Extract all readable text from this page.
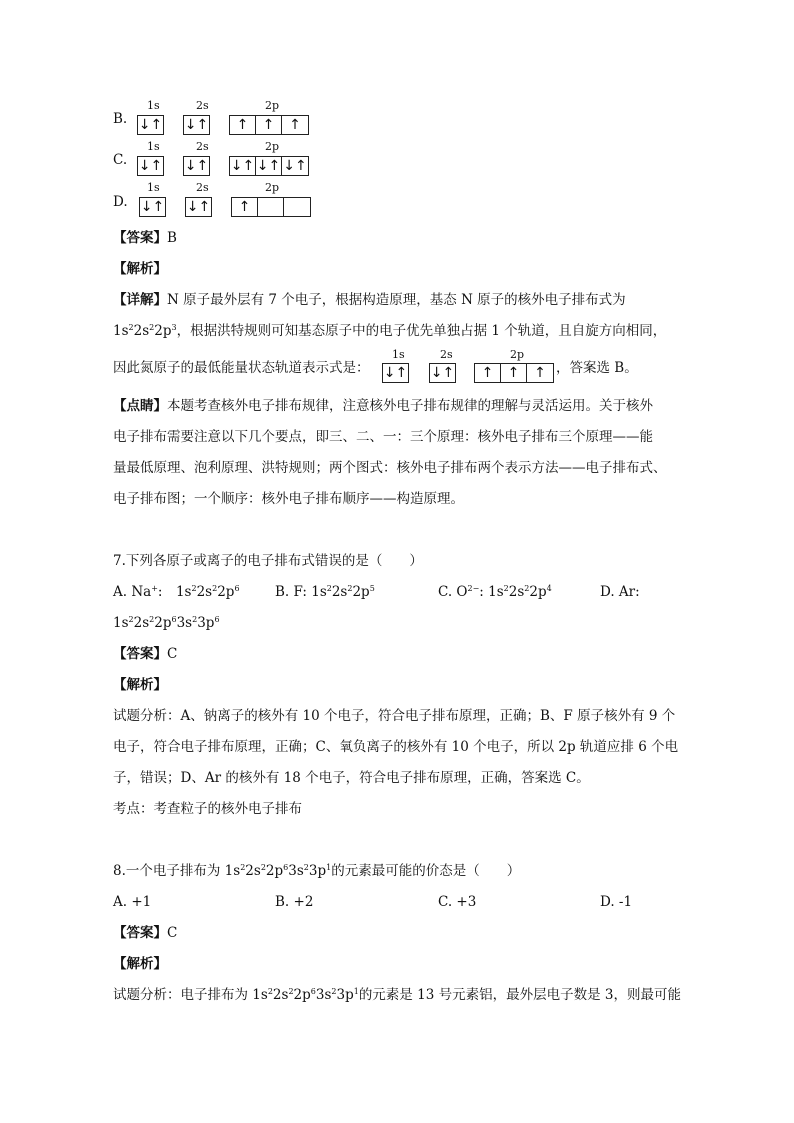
1s	2s	2p
B. ↓↑ ↓↑	↑	↑	↑
1s	2s	2p
C. ↓↑ ↓↑ ↓↑ ↓↑ ↓↑
1s	2s	2p
D. ↓↑ ↓↑	↑
【答案】B
【解析】
【详解】N 原子最外层有 7 个电子，根据构造原理，基态 N 原子的核外电子排布式为
$1s^22s^22p^3$，根据洪特规则可知基态原子中的电子优先单独占据 1 个轨道，且自旋方向相同，
因此氮原子的最低能量状态轨道表示式是：
1s	2s	2p
↓↑ ↓↑	↑	↑	↑ ，答案选 B。
【点睛】本题考查核外电子排布规律，注意核外电子排布规律的理解与灵活运用。关于核外
电子排布需要注意以下几个要点，即三、二、一：三个原理：核外电子排布三个原理——能
量最低原理、泡利原理、洪特规则；两个图式：核外电子排布两个表示方法——电子排布式、
电子排布图；一个顺序：核外电子排布顺序——构造原理。
7.下列各原子或离子的电子排布式错误的是（　　）
A. Na+:　$1s^22s^22p^6$	B. F: $1s^22s^22p^5$	C. $O^{2-}$: $1s^22s^22p^4$	D. Ar:
$1s^22s^22p^63s^23p^6$
【答案】C
【解析】
试题分析：A、钠离子的核外有 10 个电子，符合电子排布原理，正确；B、F 原子核外有 9 个
电子，符合电子排布原理，正确；C、氧负离子的核外有 10 个电子，所以 2p 轨道应排 6 个电
子，错误；D、Ar 的核外有 18 个电子，符合电子排布原理，正确，答案选 C。
考点：考查粒子的核外电子排布
8.一个电子排布为 $1s^22s^22p^63s^23p^1$的元素最可能的价态是（　　）
A. +1	B. +2	C. +3	D. -1
【答案】C
【解析】
试题分析：电子排布为 $1s^22s^22p^63s^23p^1$的元素是 13 号元素铝，最外层电子数是 3，则最可能
